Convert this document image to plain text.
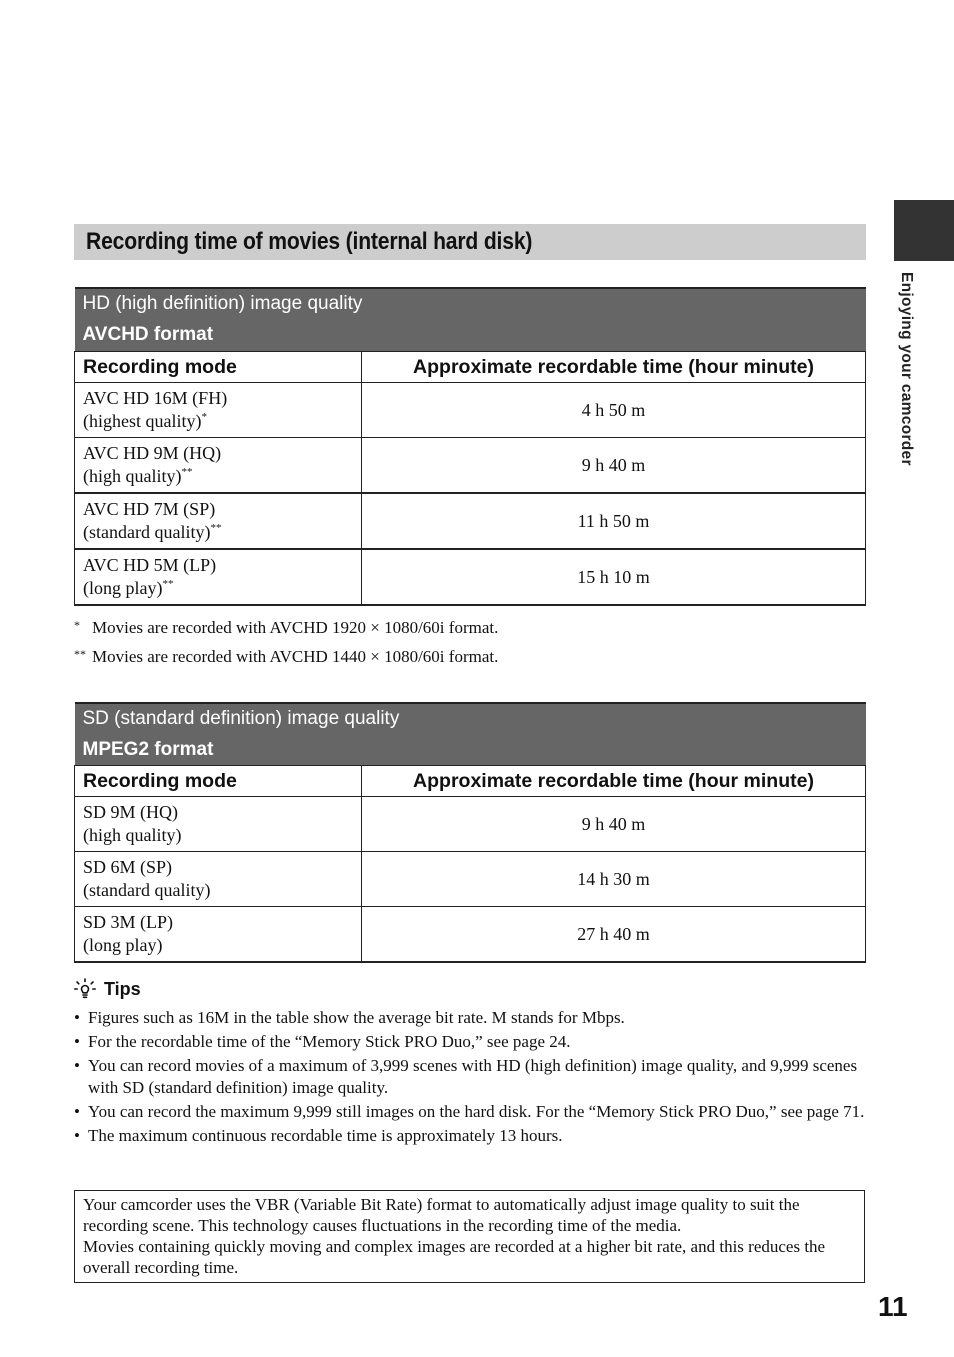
Enjoying your camcorder
Recording time of movies (internal hard disk)
HD (high definition) image quality	
AVCHD format	
Recording mode	Approximate recordable time (hour minute)
AVC HD 16M (FH)
(highest quality)*	4 h 50 m
AVC HD 9M (HQ)
(high quality)**	9 h 40 m
AVC HD 7M (SP)
(standard quality)**	11 h 50 m
AVC HD 5M (LP)
(long play)**	15 h 10 m
* Movies are recorded with AVCHD 1920 × 1080/60i format.
** Movies are recorded with AVCHD 1440 × 1080/60i format.
SD (standard definition) image quality	
MPEG2 format	
Recording mode	Approximate recordable time (hour minute)
SD 9M (HQ)
(high quality)	9 h 40 m
SD 6M (SP)
(standard quality)	14 h 30 m
SD 3M (LP)
(long play)	27 h 40 m
Tips
• Figures such as 16M in the table show the average bit rate. M stands for Mbps.
• For the recordable time of the “Memory Stick PRO Duo,” see page 24.
• You can record movies of a maximum of 3,999 scenes with HD (high definition) image quality, and 9,999 scenes with SD (standard definition) image quality.
• You can record the maximum 9,999 still images on the hard disk. For the “Memory Stick PRO Duo,” see page 71.
• The maximum continuous recordable time is approximately 13 hours.

Your camcorder uses the VBR (Variable Bit Rate) format to automatically adjust image quality to suit the recording scene. This technology causes fluctuations in the recording time of the media.

Movies containing quickly moving and complex images are recorded at a higher bit rate, and this reduces the overall recording time.

11
